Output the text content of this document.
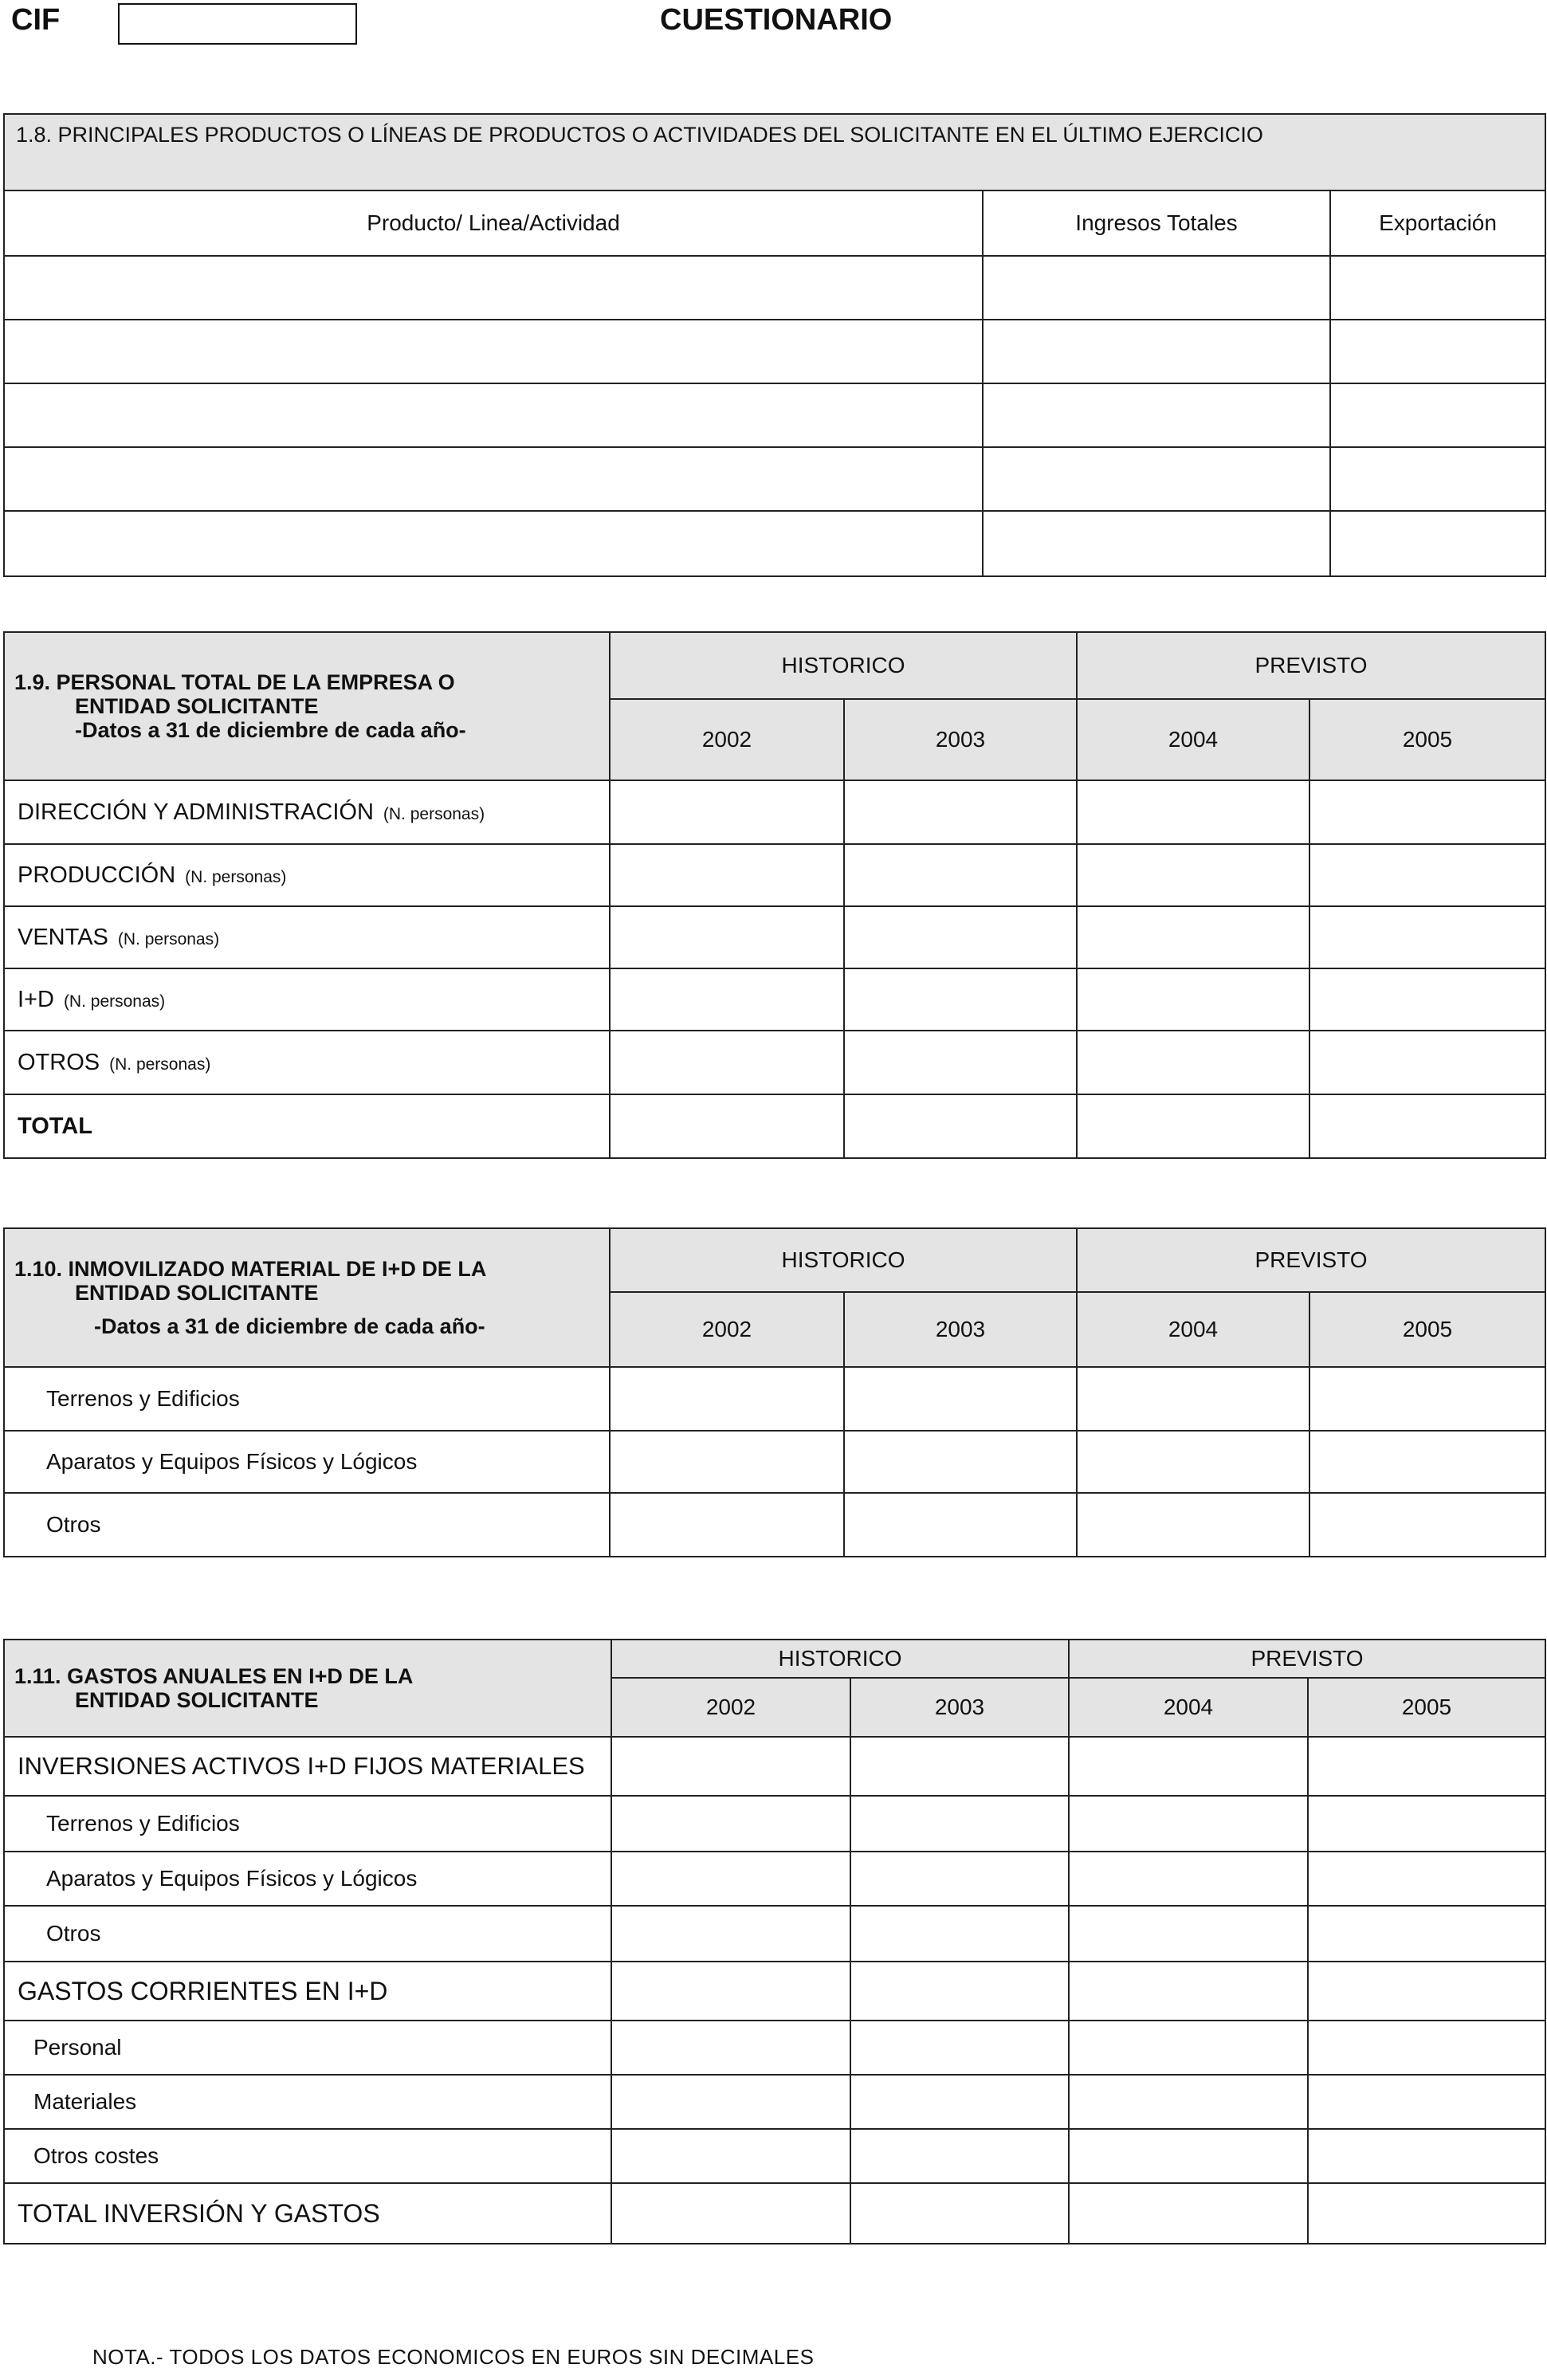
CIF	CUESTIONARIO
1.8. PRINCIPALES PRODUCTOS O LÍNEAS DE PRODUCTOS O ACTIVIDADES DEL SOLICITANTE EN EL ÚLTIMO EJERCICIO		
Producto/ Linea/Actividad	Ingresos Totales	Exportación

1.9. PERSONAL TOTAL DE LA EMPRESA O
ENTIDAD SOLICITANTE
-Datos a 31 de diciembre de cada año-	HISTORICO		PREVISTO	
	2002	2003	2004	2005
DIRECCIÓN Y ADMINISTRACIÓN (N. personas)				
PRODUCCIÓN (N. personas)				
VENTAS (N. personas)				
I+D (N. personas)				
OTROS (N. personas)				
TOTAL				
1.10. INMOVILIZADO MATERIAL DE I+D DE LA
ENTIDAD SOLICITANTE
-Datos a 31 de diciembre de cada año-	HISTORICO		PREVISTO	
	2002	2003	2004	2005
Terrenos y Edificios				
Aparatos y Equipos Físicos y Lógicos				
Otros				
1.11. GASTOS ANUALES EN I+D DE LA
ENTIDAD SOLICITANTE	HISTORICO		PREVISTO	
	2002	2003	2004	2005
INVERSIONES ACTIVOS I+D FIJOS MATERIALES				
Terrenos y Edificios				
Aparatos y Equipos Físicos y Lógicos				
Otros				
GASTOS CORRIENTES EN I+D				
Personal				
Materiales				
Otros costes				
TOTAL INVERSIÓN Y GASTOS				
NOTA.- TODOS LOS DATOS ECONOMICOS EN EUROS SIN DECIMALES
